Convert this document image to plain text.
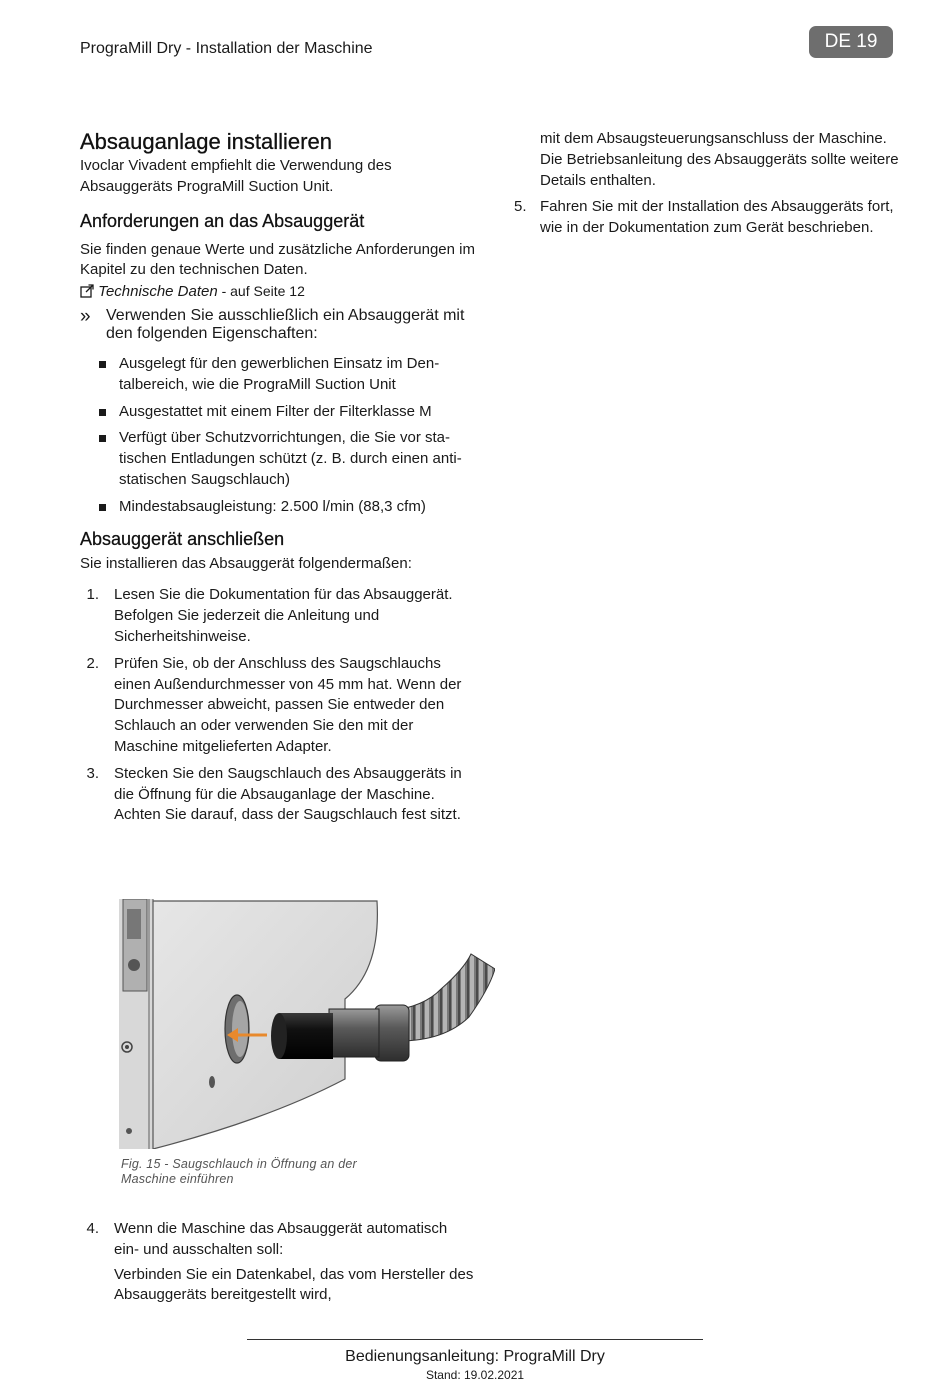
PrograMill Dry - Installation der Maschine	DE 19
Absauganlage installieren

Ivoclar Vivadent empfiehlt die Verwendung des Absauggeräts PrograMill Suction Unit.

Anforderungen an das Absauggerät

Sie finden genaue Werte und zusätzliche Anforderungen im Kapitel zu den technischen Daten.

Technische Daten - auf Seite 12
» Verwenden Sie ausschließlich ein Absauggerät mit den folgenden Eigenschaften:
Ausgelegt für den gewerblichen Einsatz im Dentalbereich, wie die PrograMill Suction Unit
Ausgestattet mit einem Filter der Filterklasse M
Verfügt über Schutzvorrichtungen, die Sie vor statischen Entladungen schützt (z. B. durch einen anti-statischen Saugschlauch)
Mindestabsaugleistung: 2.500 l/min (88,3 cfm)
Absauggerät anschließen

Sie installieren das Absauggerät folgendermaßen:

1.	Lesen Sie die Dokumentation für das Absauggerät. Befolgen Sie jederzeit die Anleitung und Sicherheitshinweise.
2.	Prüfen Sie, ob der Anschluss des Saugschlauchs einen Außendurchmesser von 45 mm hat. Wenn der Durchmesser abweicht, passen Sie entweder den Schlauch an oder verwenden Sie den mit der Maschine mitgelieferten Adapter.
3.	Stecken Sie den Saugschlauch des Absauggeräts in die Öffnung für die Absauganlage der Maschine. Achten Sie darauf, dass der Saugschlauch fest sitzt.
Fig. 15 - Saugschlauch in Öffnung an der
Maschine einführen
4.	Wenn die Maschine das Absauggerät automatisch ein- und ausschalten soll:
Verbinden Sie ein Datenkabel, das vom Hersteller des Absauggeräts bereitgestellt wird,

mit dem Absaugsteuerungsanschluss der Maschine. Die Betriebsanleitung des Absauggeräts sollte weitere Details enthalten.

5. Fahren Sie mit der Installation des Absauggeräts fort, wie in der Dokumentation zum Gerät beschrieben.
Bedienungsanleitung: PrograMill Dry
Stand: 19.02.2021
